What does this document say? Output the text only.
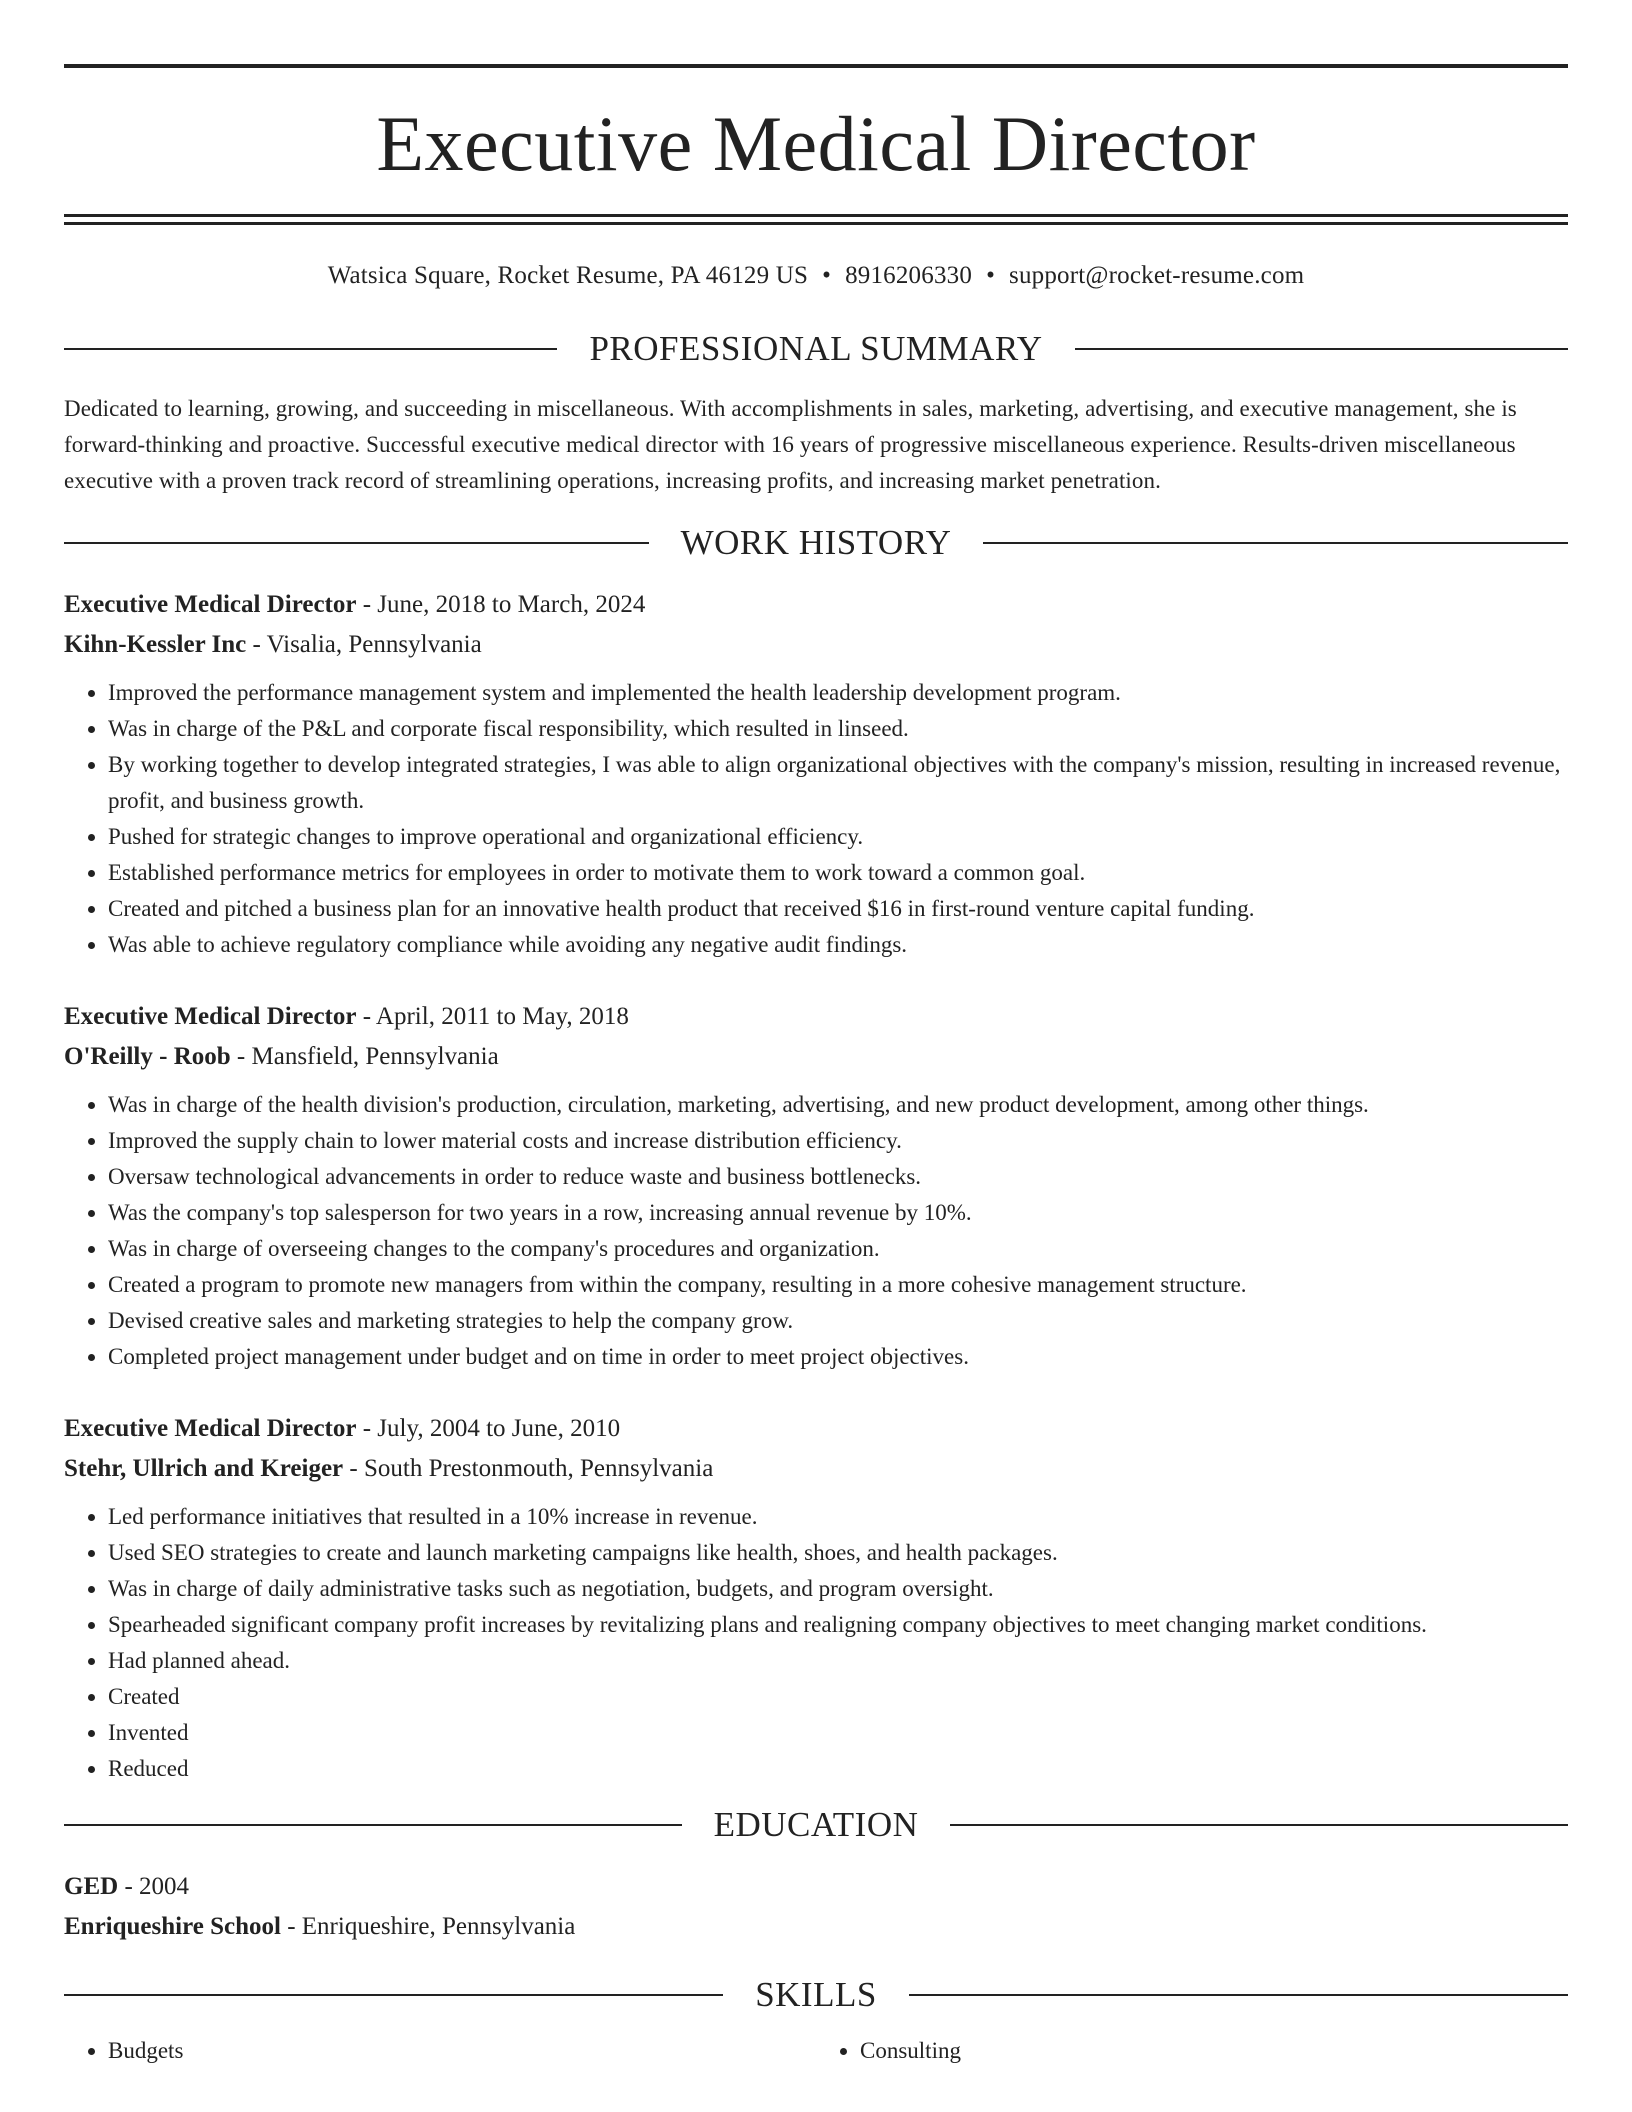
Executive Medical Director
Watsica Square, Rocket Resume, PA 46129 US • 8916206330 • support@rocket-resume.com
PROFESSIONAL SUMMARY
Dedicated to learning, growing, and succeeding in miscellaneous. With accomplishments in sales, marketing, advertising, and executive management, she is forward-thinking and proactive. Successful executive medical director with 16 years of progressive miscellaneous experience. Results-driven miscellaneous executive with a proven track record of streamlining operations, increasing profits, and increasing market penetration.
WORK HISTORY
Executive Medical Director - June, 2018 to March, 2024
Kihn-Kessler Inc - Visalia, Pennsylvania
• Improved the performance management system and implemented the health leadership development program.
• Was in charge of the P&L and corporate fiscal responsibility, which resulted in linseed.
• By working together to develop integrated strategies, I was able to align organizational objectives with the company's mission, resulting in increased revenue, profit, and business growth.
• Pushed for strategic changes to improve operational and organizational efficiency.
• Established performance metrics for employees in order to motivate them to work toward a common goal.
• Created and pitched a business plan for an innovative health product that received $16 in first-round venture capital funding.
• Was able to achieve regulatory compliance while avoiding any negative audit findings.
Executive Medical Director - April, 2011 to May, 2018
O'Reilly - Roob - Mansfield, Pennsylvania
• Was in charge of the health division's production, circulation, marketing, advertising, and new product development, among other things.
• Improved the supply chain to lower material costs and increase distribution efficiency.
• Oversaw technological advancements in order to reduce waste and business bottlenecks.
• Was the company's top salesperson for two years in a row, increasing annual revenue by 10%.
• Was in charge of overseeing changes to the company's procedures and organization.
• Created a program to promote new managers from within the company, resulting in a more cohesive management structure.
• Devised creative sales and marketing strategies to help the company grow.
• Completed project management under budget and on time in order to meet project objectives.
Executive Medical Director - July, 2004 to June, 2010
Stehr, Ullrich and Kreiger - South Prestonmouth, Pennsylvania
• Led performance initiatives that resulted in a 10% increase in revenue.
• Used SEO strategies to create and launch marketing campaigns like health, shoes, and health packages.
• Was in charge of daily administrative tasks such as negotiation, budgets, and program oversight.
• Spearheaded significant company profit increases by revitalizing plans and realigning company objectives to meet changing market conditions.
• Had planned ahead.
• Created
• Invented
• Reduced
EDUCATION
GED - 2004
Enriqueshire School - Enriqueshire, Pennsylvania
SKILLS
• Budgets
•	Consulting
